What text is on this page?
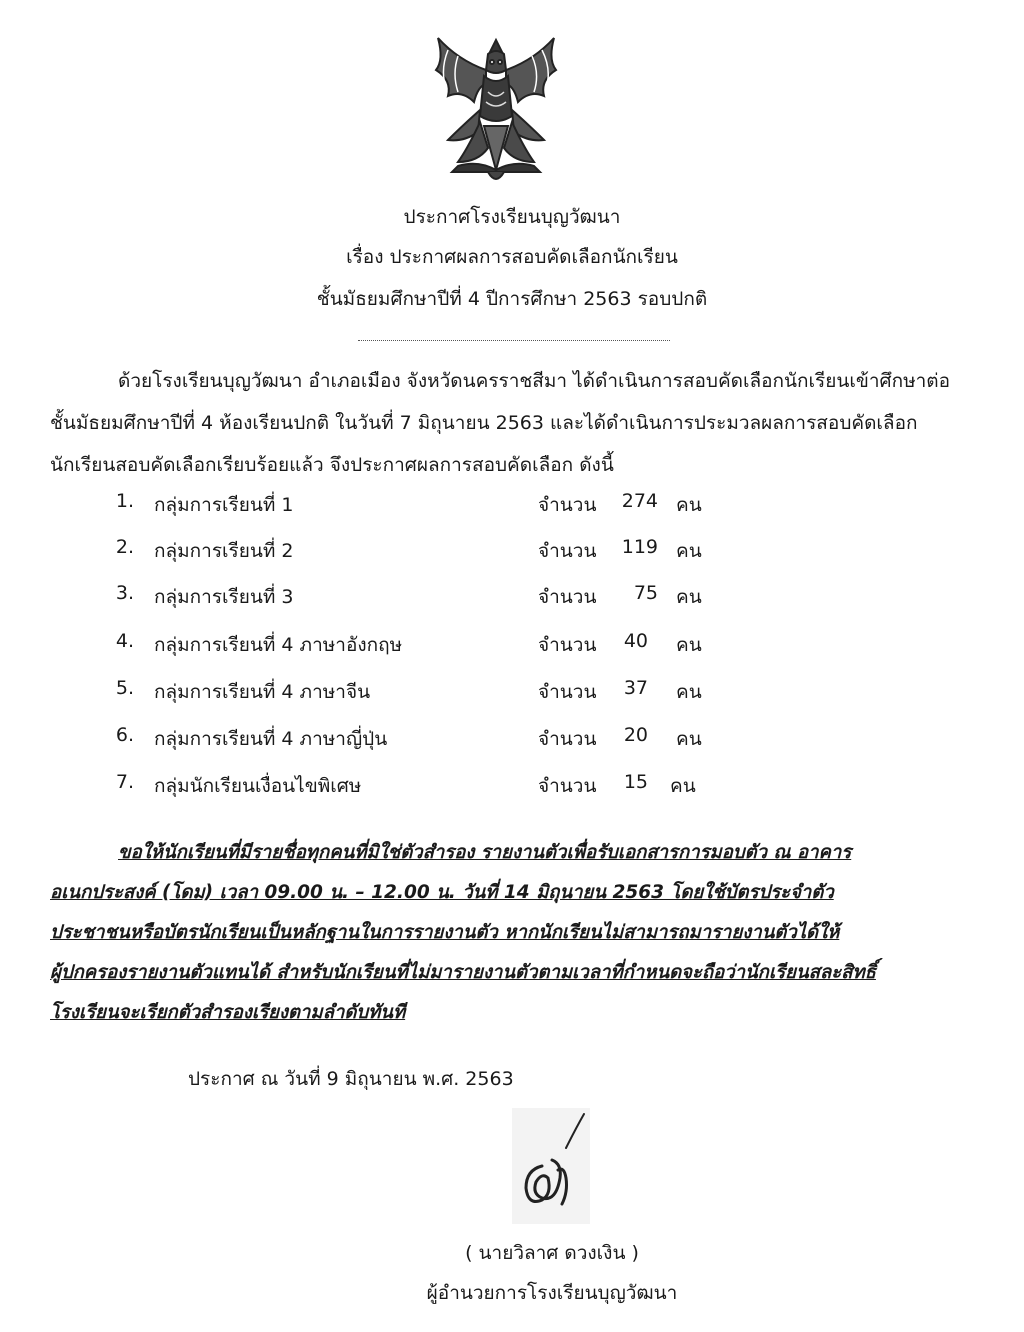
ประกาศโรงเรียนบุญวัฒนา
เรื่อง ประกาศผลการสอบคัดเลือกนักเรียน
ชั้นมัธยมศึกษาปีที่ 4 ปีการศึกษา 2563 รอบปกติ
ด้วยโรงเรียนบุญวัฒนา อำเภอเมือง จังหวัดนครราชสีมา ได้ดำเนินการสอบคัดเลือกนักเรียนเข้าศึกษาต่อ
ชั้นมัธยมศึกษาปีที่ 4 ห้องเรียนปกติ ในวันที่ 7 มิถุนายน 2563 และได้ดำเนินการประมวลผลการสอบคัดเลือก
นักเรียนสอบคัดเลือกเรียบร้อยแล้ว จึงประกาศผลการสอบคัดเลือก ดังนี้
1. กลุ่มการเรียนที่ 1	จำนวน	274 คน
2. กลุ่มการเรียนที่ 2	จำนวน	119 คน
3. กลุ่มการเรียนที่ 3	จำนวน	75 คน
4. กลุ่มการเรียนที่ 4 ภาษาอังกฤษ	จำนวน	40 คน
5. กลุ่มการเรียนที่ 4 ภาษาจีน	จำนวน	37 คน
6. กลุ่มการเรียนที่ 4 ภาษาญี่ปุ่น	จำนวน	20 คน
7. กลุ่มนักเรียนเงื่อนไขพิเศษ	จำนวน	15 คน
ขอให้นักเรียนที่มีรายชื่อทุกคนที่มิใช่ตัวสำรอง รายงานตัวเพื่อรับเอกสารการมอบตัว ณ อาคาร
อเนกประสงค์ (โดม) เวลา 09.00 น. – 12.00 น. วันที่ 14 มิถุนายน 2563 โดยใช้บัตรประจำตัว
ประชาชนหรือบัตรนักเรียนเป็นหลักฐานในการรายงานตัว หากนักเรียนไม่สามารถมารายงานตัวได้ให้
ผู้ปกครองรายงานตัวแทนได้ สำหรับนักเรียนที่ไม่มารายงานตัวตามเวลาที่กำหนดจะถือว่านักเรียนสละสิทธิ์
โรงเรียนจะเรียกตัวสำรองเรียงตามลำดับทันที
ประกาศ ณ วันที่ 9 มิถุนายน พ.ศ. 2563
( นายวิลาศ ดวงเงิน )
ผู้อำนวยการโรงเรียนบุญวัฒนา
